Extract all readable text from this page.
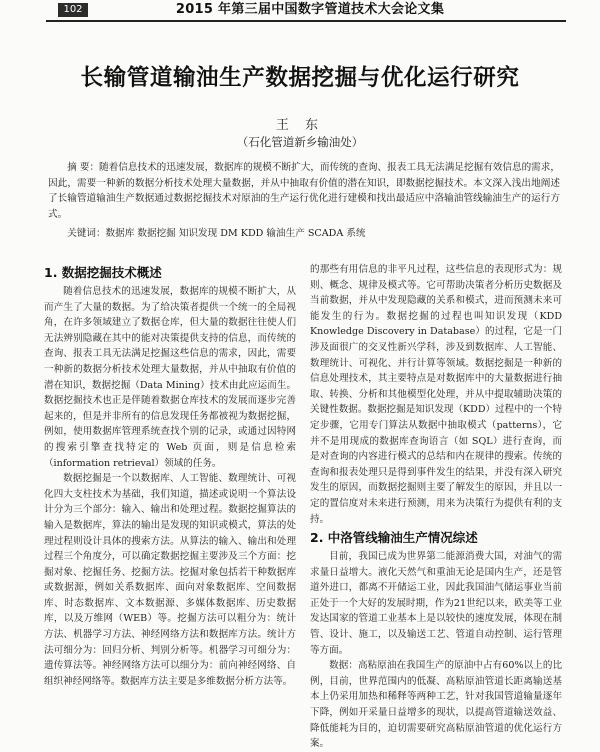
102	2015 年第三届中国数字管道技术大会论文集
长输管道输油生产数据挖掘与优化运行研究
王 东
（石化管道新乡输油处）

摘 要：随着信息技术的迅速发展，数据库的规模不断扩大，而传统的查询、报表工具无法满足挖掘有效信息的需求，因此，需要一种新的数据分析技术处理大量数据，并从中抽取有价值的潜在知识，即数据挖掘技术。本文深入浅出地阐述了长输管道输油生产数据通过数据挖掘技术对原油的生产运行优化进行建模和找出最适应中洛输油管线输油生产的运行方式。

关键词：数据库 数据挖掘 知识发现 DM KDD 输油生产 SCADA 系统

1. 数据挖掘技术概述

随着信息技术的迅速发展，数据库的规模不断扩大，从而产生了大量的数据。为了给决策者提供一个统一的全局视角，在许多领域建立了数据仓库，但大量的数据往往使人们无法辨别隐藏在其中的能对决策提供支持的信息，而传统的查询、报表工具无法满足挖掘这些信息的需求，因此，需要一种新的数据分析技术处理大量数据，并从中抽取有价值的潜在知识，数据挖掘（Data Mining）技术由此应运而生。数据挖掘技术也正是伴随着数据仓库技术的发展而逐步完善起来的，但是并非所有的信息发现任务都被视为数据挖掘，例如，使用数据库管理系统查找个别的记录，或通过因特网的搜索引擎查找特定的 Web 页面，则是信息检索（information retrieval）领域的任务。

数据挖掘是一个以数据库、人工智能、数理统计、可视化四大支柱技术为基础，我们知道，描述或说明一个算法设计分为三个部分：输入、输出和处理过程。数据挖掘算法的输入是数据库，算法的输出是发现的知识或模式，算法的处理过程则设计具体的搜索方法。从算法的输入、输出和处理过程三个角度分，可以确定数据挖掘主要涉及三个方面：挖掘对象、挖掘任务、挖掘方法。挖掘对象包括若干种数据库或数据源，例如关系数据库、面向对象数据库、空间数据库、时态数据库、文本数据源、多媒体数据库、历史数据库，以及万维网（WEB）等。挖掘方法可以粗分为：统计方法、机器学习方法、神经网络方法和数据库方法。统计方法可细分为：回归分析、判别分析等。机器学习可细分为：遗传算法等。神经网络方法可以细分为：前向神经网络、自组织神经网络等。数据库方法主要是多维数据分析方法等。

的那些有用信息的非平凡过程，这些信息的表现形式为：规则、概念、规律及模式等。它可帮助决策者分析历史数据及当前数据，并从中发现隐藏的关系和模式，进而预测未来可能发生的行为。数据挖掘的过程也叫知识发现（KDD Knowledge Discovery in Database）的过程，它是一门涉及面很广的交叉性新兴学科，涉及到数据库、人工智能、数理统计、可视化、并行计算等领域。数据挖掘是一种新的信息处理技术，其主要特点是对数据库中的大量数据进行抽取、转换、分析和其他模型化处理，并从中提取辅助决策的关键性数据。数据挖掘是知识发现（KDD）过程中的一个特定步骤，它用专门算法从数据中抽取模式（patterns），它并不是用现成的数据库查询语言（如 SQL）进行查询，而是对查询的内容进行模式的总结和内在规律的搜索。传统的查询和报表处理只是得到事件发生的结果，并没有深入研究发生的原因，而数据挖掘则主要了解发生的原因，并且以一定的置信度对未来进行预测，用来为决策行为提供有利的支持。

2. 中洛管线输油生产情况综述

目前，我国已成为世界第二能源消费大国，对油气的需求量日益增大。液化天然气和重油无论是国内生产，还是管道外进口，都离不开储运工业，因此我国油气储运事业当前正处于一个大好的发展时期，作为21世纪以来，欧美等工业发达国家的管道工业基本上是以较快的速度发展，体现在制管、设计、施工，以及输送工艺、管道自动控制、运行管理等方面。

数据：高粘原油在我国生产的原油中占有60%以上的比例，目前，世界范围内的低凝、高粘原油管道长距离输送基本上仍采用加热和稀释等两种工艺，针对我国管道输量逐年下降，例如开采量日益增多的现状，以提高管道输送效益、降低能耗为目的，迫切需要研究高粘原油管道的优化运行方案。
